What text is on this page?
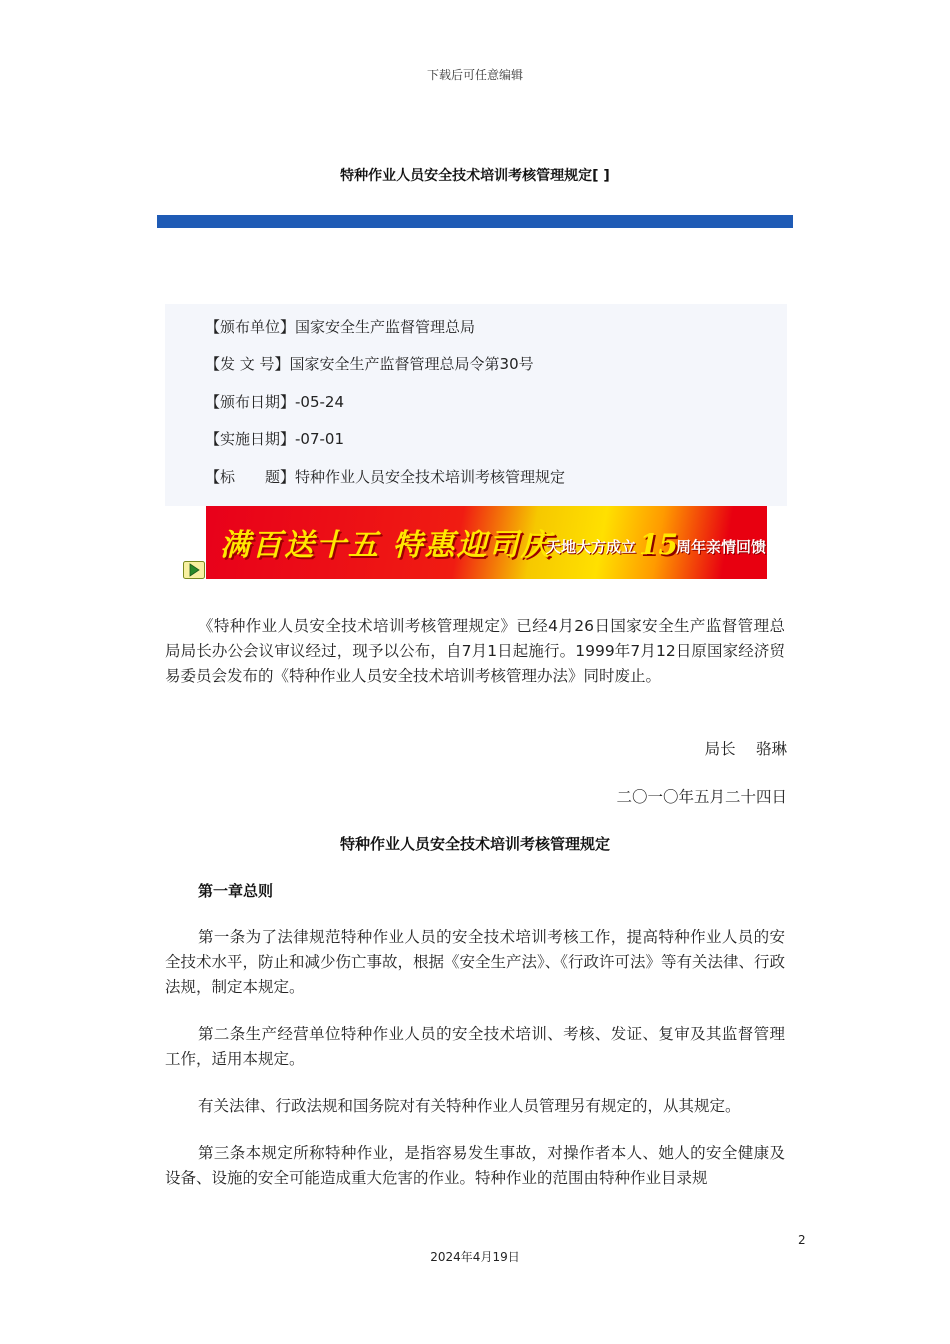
下载后可任意编辑
特种作业人员安全技术培训考核管理规定[ ]
【颁布单位】国家安全生产监督管理总局
【发 文 号】国家安全生产监督管理总局令第30号
【颁布日期】-05-24
【实施日期】-07-01
【标　　题】特种作业人员安全技术培训考核管理规定
满百送十五 特惠迎司庆
天地大方成立 15
周年亲情回馈
《特种作业人员安全技术培训考核管理规定》已经4月26日国家安全生产监督管理总局局长办公会议审议经过，现予以公布，自7月1日起施行。1999年7月12日原国家经济贸易委员会发布的《特种作业人员安全技术培训考核管理办法》同时废止。
局长　 骆琳
二〇一〇年五月二十四日
特种作业人员安全技术培训考核管理规定
第一章总则
第一条为了法律规范特种作业人员的安全技术培训考核工作，提高特种作业人员的安全技术水平，防止和减少伤亡事故，根据《安全生产法》、《行政许可法》等有关法律、行政法规，制定本规定。
第二条生产经营单位特种作业人员的安全技术培训、考核、发证、复审及其监督管理工作，适用本规定。
有关法律、行政法规和国务院对有关特种作业人员管理另有规定的，从其规定。
第三条本规定所称特种作业，是指容易发生事故，对操作者本人、她人的安全健康及设备、设施的安全可能造成重大危害的作业。特种作业的范围由特种作业目录规
2
2024年4月19日
